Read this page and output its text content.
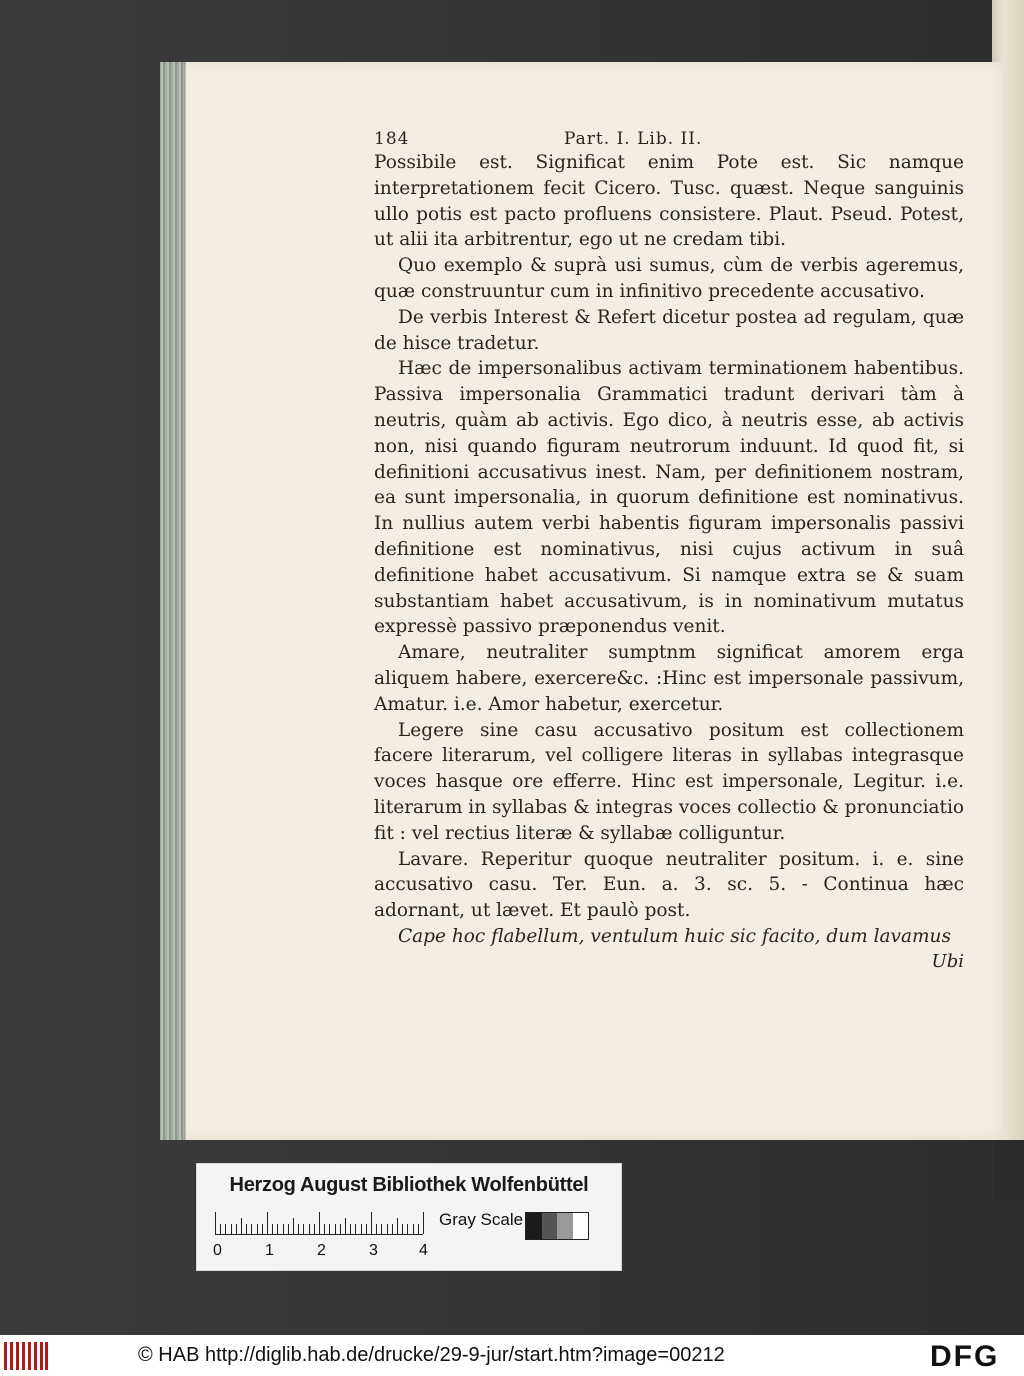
184	Part. I. Lib. II.

Possibile est. Significat enim Pote est. Sic namque interpretationem fecit Cicero. Tusc. quæst. Neque sanguinis ullo potis est pacto profluens consistere. Plaut. Pseud. Potest, ut alii ita arbitrentur, ego ut ne credam tibi.

Quo exemplo & suprà usi sumus, cùm de verbis ageremus, quæ construuntur cum in infinitivo precedente accusativo.

De verbis Interest & Refert dicetur postea ad regulam, quæ de hisce tradetur.

Hæc de impersonalibus activam terminationem habentibus. Passiva impersonalia Grammatici tradunt derivari tàm à neutris, quàm ab activis. Ego dico, à neutris esse, ab activis non, nisi quando figuram neutrorum induunt. Id quod fit, si definitioni accusativus inest. Nam, per definitionem nostram, ea sunt impersonalia, in quorum definitione est nominativus. In nullius autem verbi habentis figuram impersonalis passivi definitione est nominativus, nisi cujus activum in suâ definitione habet accusativum. Si namque extra se & suam substantiam habet accusativum, is in nominativum mutatus expressè passivo præponendus venit.

Amare, neutraliter sumptnm significat amorem erga aliquem habere, exercere&c. :Hinc est impersonale passivum, Amatur. i.e. Amor habetur, exercetur.

Legere sine casu accusativo positum est collectionem facere literarum, vel colligere literas in syllabas integrasque voces hasque ore efferre. Hinc est impersonale, Legitur. i.e. literarum in syllabas & integras voces collectio & pronunciatio fit : vel rectius literæ & syllabæ colliguntur.

Lavare. Reperitur quoque neutraliter positum. i. e. sine accusativo casu. Ter. Eun. a. 3. sc. 5. - Continua hæc adornant, ut lævet. Et paulò post.

Cape hoc flabellum, ventulum huic sic facito, dum lavamus

Ubi
Herzog August Bibliothek Wolfenbüttel
0	1	2	3	4
Gray Scale
© HAB http://diglib.hab.de/drucke/29-9-jur/start.htm?image=00212	DFG
